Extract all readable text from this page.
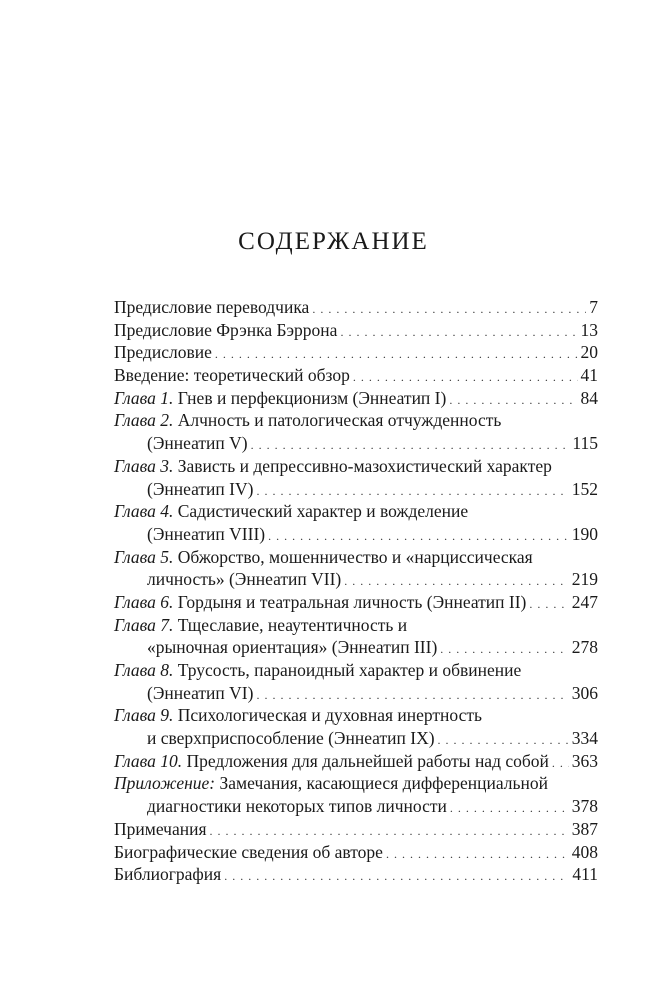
СОДЕРЖАНИЕ
Предисловие переводчика . . .	7
Предисловие Фрэнка Бэррона . . .	13
Предисловие . . .	20
Введение: теоретический обзор . . .	41
Глава 1. Гнев и перфекционизм (Эннеатип I) . . .	84
Глава 2. Алчность и патологическая отчужденность
(Эннеатип V) . . .	115
Глава 3. Зависть и депрессивно-мазохистический характер
(Эннеатип IV) . . .	152
Глава 4. Садистический характер и вожделение
(Эннеатип VIII) . . .	190
Глава 5. Обжорство, мошенничество и «нарциссическая
личность» (Эннеатип VII) . . .	219
Глава 6. Гордыня и театральная личность (Эннеатип II) . . .	247
Глава 7. Тщеславие, неаутентичность и
«рыночная ориентация» (Эннеатип III) . . .	278
Глава 8. Трусость, параноидный характер и обвинение
(Эннеатип VI) . . .	306
Глава 9. Психологическая и духовная инертность
и сверхприспособление (Эннеатип IX) . . .	334
Глава 10. Предложения для дальнейшей работы над собой . . . 363
Приложение: Замечания, касающиеся дифференциальной
диагностики некоторых типов личности . . .	378
Примечания . . .	387
Биографические сведения об авторе . . .	408
Библиография . . .	411
